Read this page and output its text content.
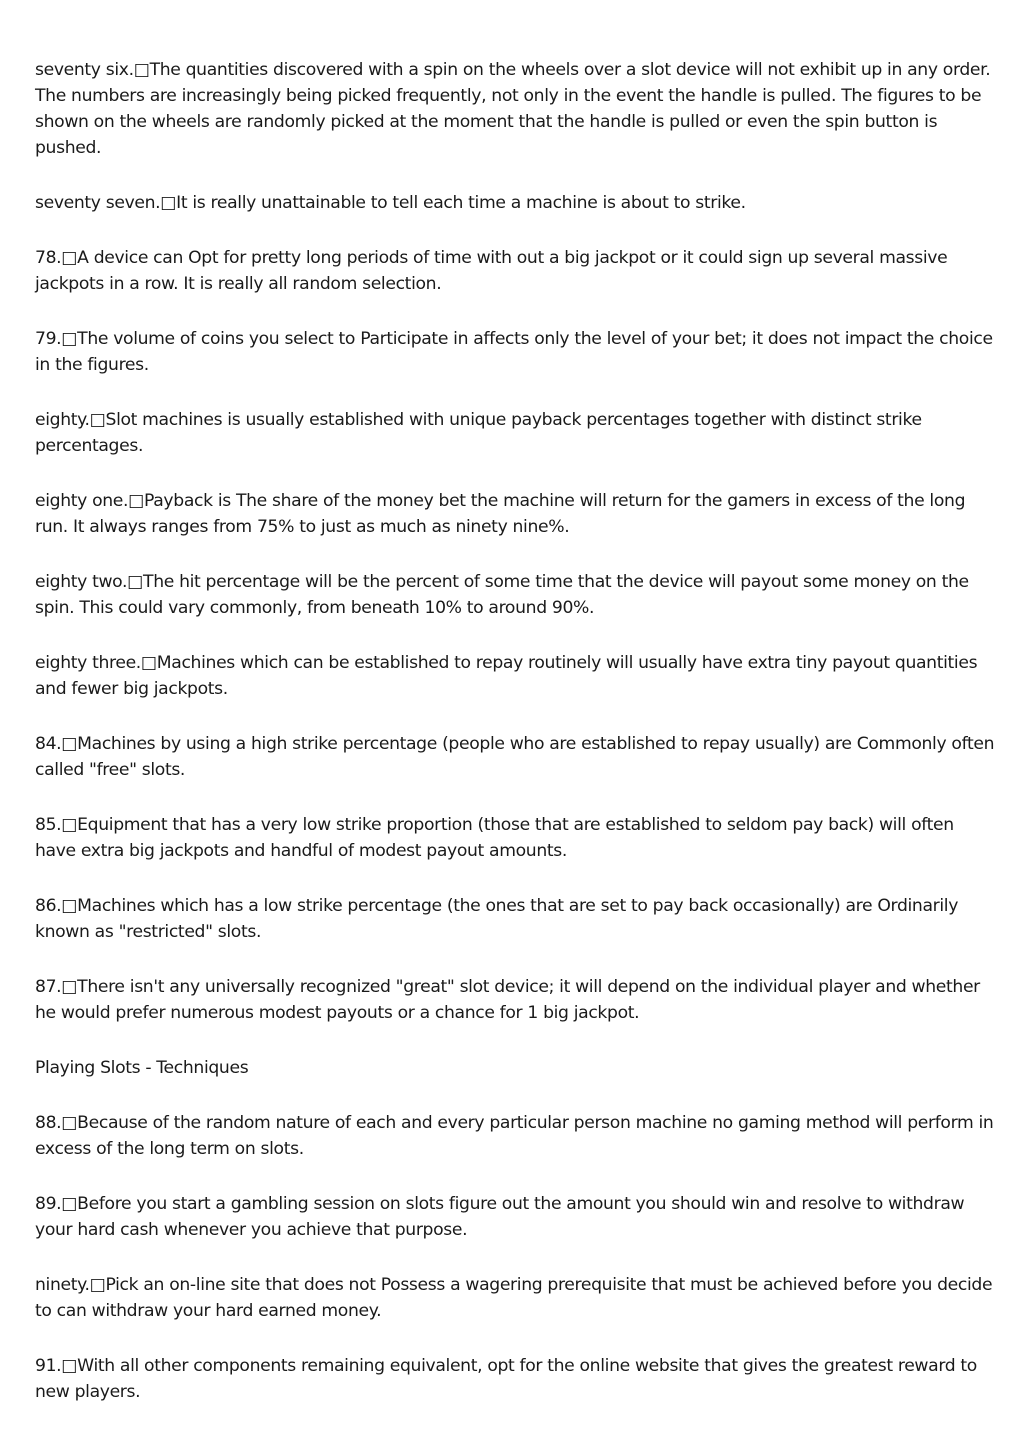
seventy six.□The quantities discovered with a spin on the wheels over a slot device will not exhibit up in any order. The numbers are increasingly being picked frequently, not only in the event the handle is pulled. The figures to be shown on the wheels are randomly picked at the moment that the handle is pulled or even the spin button is pushed.

seventy seven.□It is really unattainable to tell each time a machine is about to strike.

78.□A device can Opt for pretty long periods of time with out a big jackpot or it could sign up several massive jackpots in a row. It is really all random selection.

79.□The volume of coins you select to Participate in affects only the level of your bet; it does not impact the choice in the figures.

eighty.□Slot machines is usually established with unique payback percentages together with distinct strike percentages.

eighty one.□Payback is The share of the money bet the machine will return for the gamers in excess of the long run. It always ranges from 75% to just as much as ninety nine%.

eighty two.□The hit percentage will be the percent of some time that the device will payout some money on the spin. This could vary commonly, from beneath 10% to around 90%.

eighty three.□Machines which can be established to repay routinely will usually have extra tiny payout quantities and fewer big jackpots.

84.□Machines by using a high strike percentage (people who are established to repay usually) are Commonly often called "free" slots.

85.□Equipment that has a very low strike proportion (those that are established to seldom pay back) will often have extra big jackpots and handful of modest payout amounts.

86.□Machines which has a low strike percentage (the ones that are set to pay back occasionally) are Ordinarily known as "restricted" slots.

87.□There isn't any universally recognized "great" slot device; it will depend on the individual player and whether he would prefer numerous modest payouts or a chance for 1 big jackpot.

Playing Slots - Techniques

88.□Because of the random nature of each and every particular person machine no gaming method will perform in excess of the long term on slots.

89.□Before you start a gambling session on slots figure out the amount you should win and resolve to withdraw your hard cash whenever you achieve that purpose.

ninety.□Pick an on-line site that does not Possess a wagering prerequisite that must be achieved before you decide to can withdraw your hard earned money.

91.□With all other components remaining equivalent, opt for the online website that gives the greatest reward to new players.
